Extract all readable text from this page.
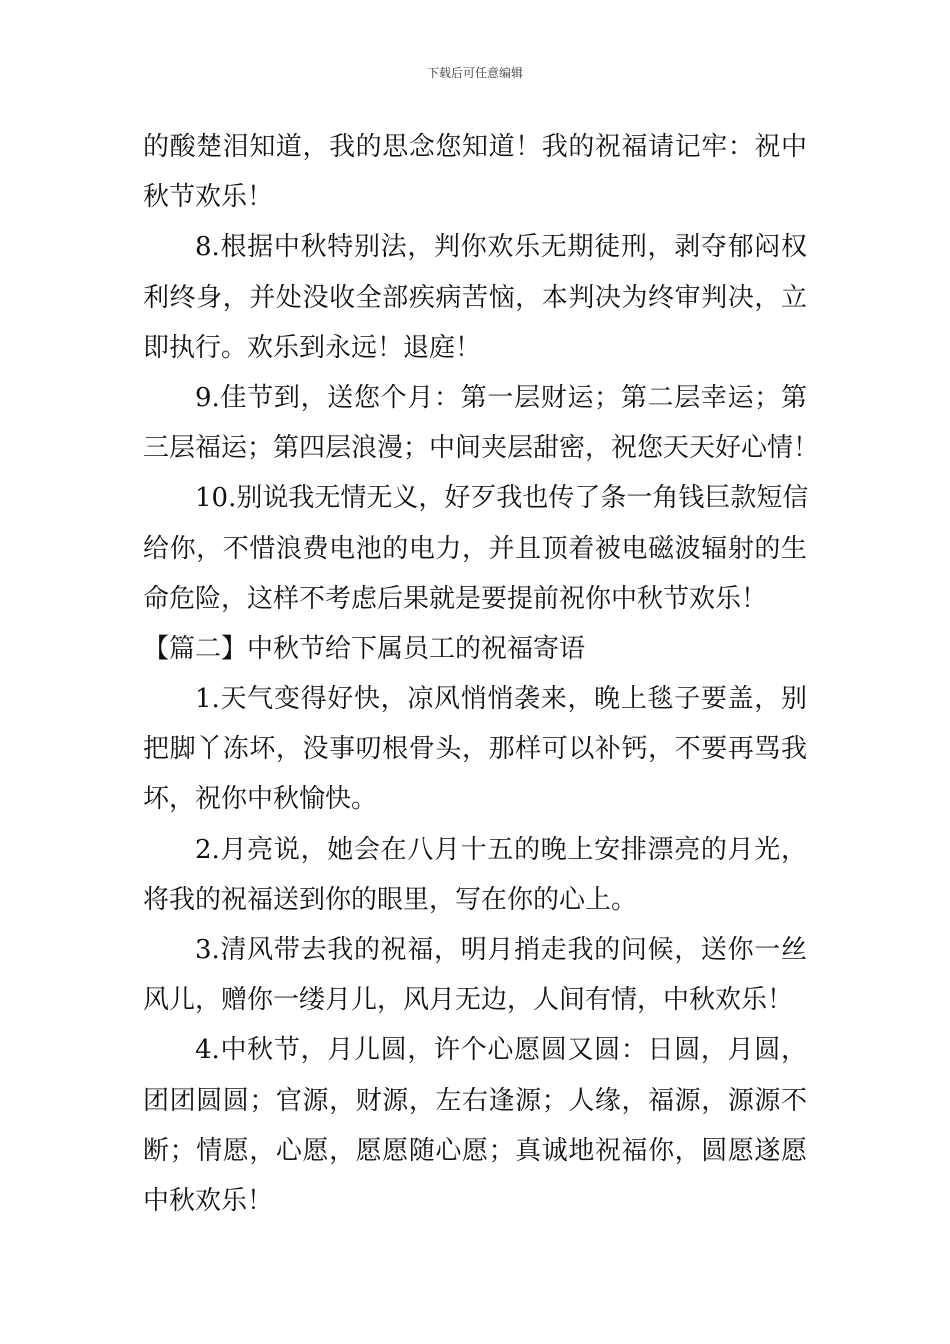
下载后可任意编辑
的酸楚泪知道，我的思念您知道！我的祝福请记牢：祝中
秋节欢乐！
8.根据中秋特别法，判你欢乐无期徒刑，剥夺郁闷权
利终身，并处没收全部疾病苦恼，本判决为终审判决，立
即执行。欢乐到永远！退庭！
9.佳节到，送您个月：第一层财运；第二层幸运；第
三层福运；第四层浪漫；中间夹层甜密，祝您天天好心情！
10.别说我无情无义，好歹我也传了条一角钱巨款短信
给你，不惜浪费电池的电力，并且顶着被电磁波辐射的生
命危险，这样不考虑后果就是要提前祝你中秋节欢乐！
【篇二】中秋节给下属员工的祝福寄语
1.天气变得好快，凉风悄悄袭来，晚上毯子要盖，别
把脚丫冻坏，没事叨根骨头，那样可以补钙，不要再骂我
坏，祝你中秋愉快。
2.月亮说，她会在八月十五的晚上安排漂亮的月光，
将我的祝福送到你的眼里，写在你的心上。
3.清风带去我的祝福，明月捎走我的问候，送你一丝
风儿，赠你一缕月儿，风月无边，人间有情，中秋欢乐！
4.中秋节，月儿圆，许个心愿圆又圆：日圆，月圆，
团团圆圆；官源，财源，左右逢源；人缘，福源，源源不
断；情愿，心愿，愿愿随心愿；真诚地祝福你，圆愿遂愿
中秋欢乐！
